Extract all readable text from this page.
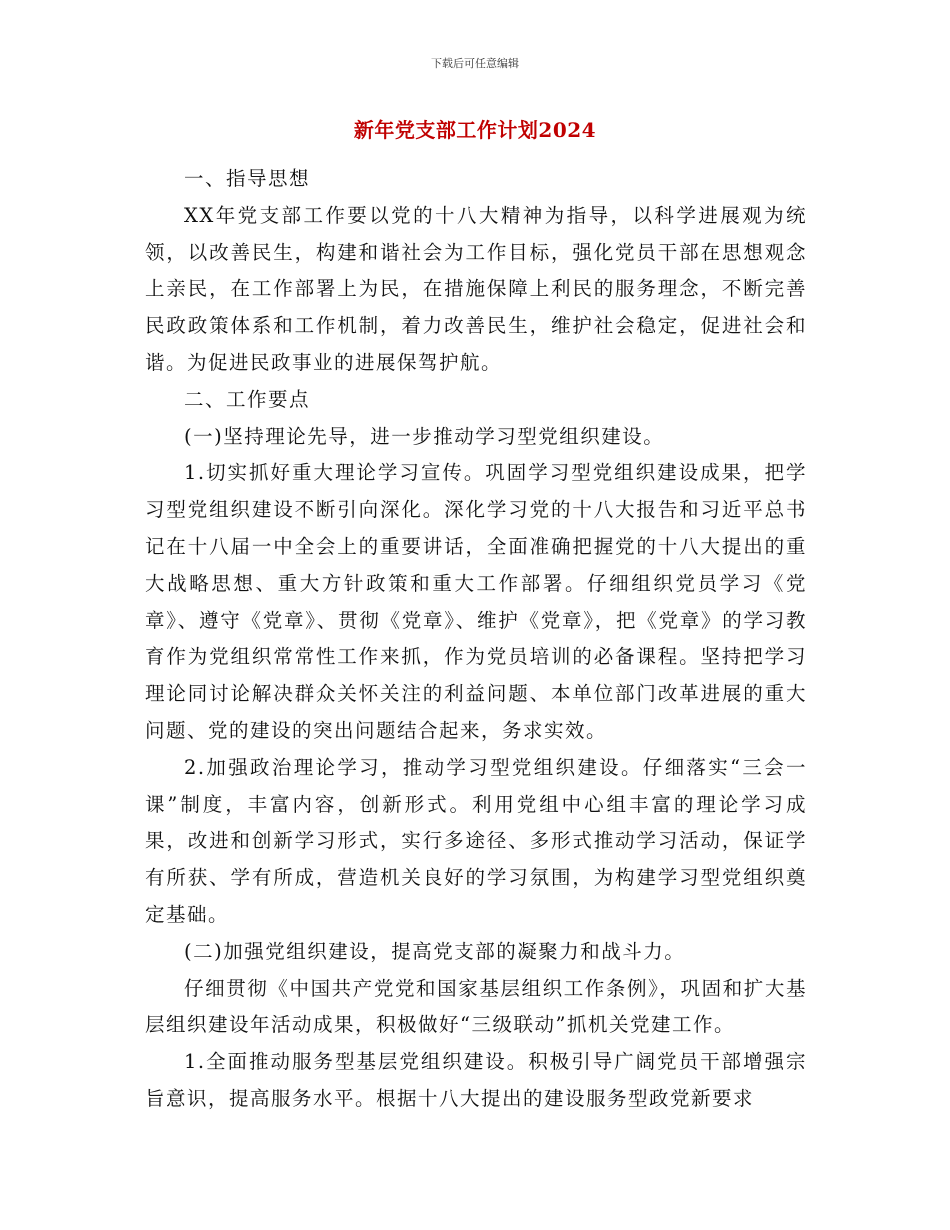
下载后可任意编辑
新年党支部工作计划2024

一、指导思想

XX年党支部工作要以党的十八大精神为指导，以科学进展观为统领，以改善民生，构建和谐社会为工作目标，强化党员干部在思想观念上亲民，在工作部署上为民，在措施保障上利民的服务理念，不断完善民政政策体系和工作机制，着力改善民生，维护社会稳定，促进社会和谐。为促进民政事业的进展保驾护航。

二、工作要点

(一)坚持理论先导，进一步推动学习型党组织建设。

1.切实抓好重大理论学习宣传。巩固学习型党组织建设成果，把学习型党组织建设不断引向深化。深化学习党的十八大报告和习近平总书记在十八届一中全会上的重要讲话，全面准确把握党的十八大提出的重大战略思想、重大方针政策和重大工作部署。仔细组织党员学习《党章》、遵守《党章》、贯彻《党章》、维护《党章》，把《党章》的学习教育作为党组织常常性工作来抓，作为党员培训的必备课程。坚持把学习理论同讨论解决群众关怀关注的利益问题、本单位部门改革进展的重大问题、党的建设的突出问题结合起来，务求实效。

2.加强政治理论学习，推动学习型党组织建设。仔细落实“三会一课”制度，丰富内容，创新形式。利用党组中心组丰富的理论学习成果，改进和创新学习形式，实行多途径、多形式推动学习活动，保证学有所获、学有所成，营造机关良好的学习氛围，为构建学习型党组织奠定基础。

(二)加强党组织建设，提高党支部的凝聚力和战斗力。

仔细贯彻《中国共产党党和国家基层组织工作条例》，巩固和扩大基层组织建设年活动成果，积极做好“三级联动”抓机关党建工作。

1.全面推动服务型基层党组织建设。积极引导广阔党员干部增强宗旨意识，提高服务水平。根据十八大提出的建设服务型政党新要求
